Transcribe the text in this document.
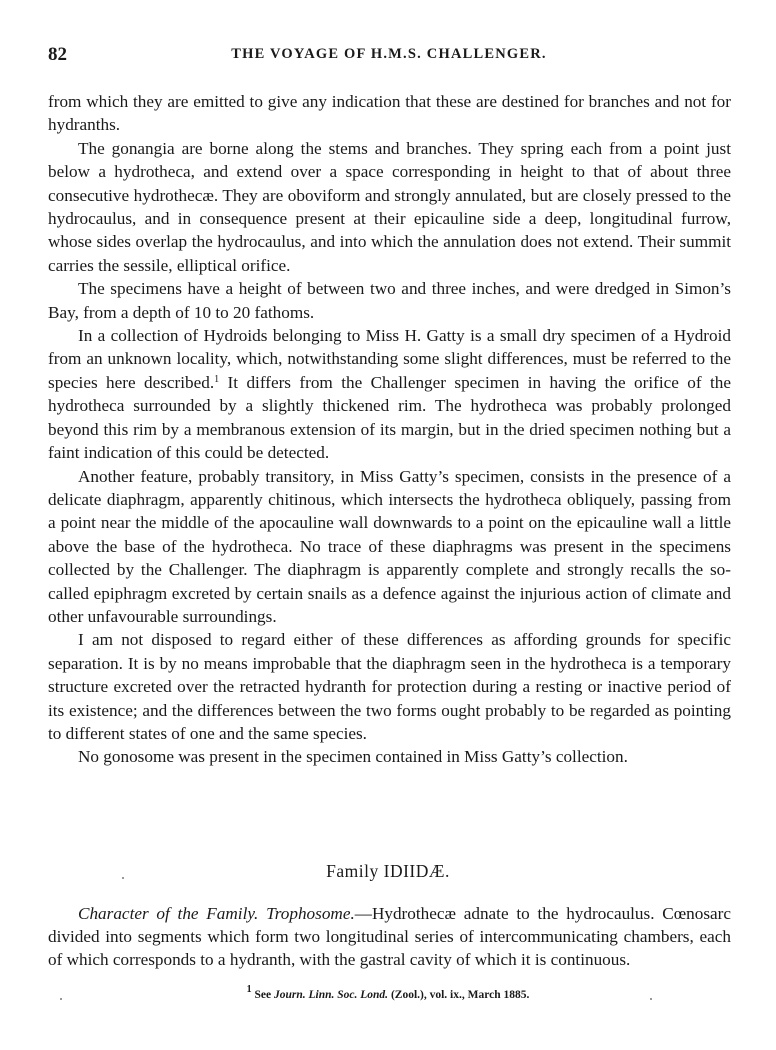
82	THE VOYAGE OF H.M.S. CHALLENGER.

from which they are emitted to give any indication that these are destined for branches and not for hydranths.

The gonangia are borne along the stems and branches. They spring each from a point just below a hydrotheca, and extend over a space corresponding in height to that of about three consecutive hydrothecæ. They are oboviform and strongly annulated, but are closely pressed to the hydrocaulus, and in consequence present at their epicauline side a deep, longitudinal furrow, whose sides overlap the hydrocaulus, and into which the annulation does not extend. Their summit carries the sessile, elliptical orifice.

The specimens have a height of between two and three inches, and were dredged in Simon’s Bay, from a depth of 10 to 20 fathoms.

In a collection of Hydroids belonging to Miss H. Gatty is a small dry specimen of a Hydroid from an unknown locality, which, notwithstanding some slight differences, must be referred to the species here described.$^1$ It differs from the Challenger specimen in having the orifice of the hydrotheca surrounded by a slightly thickened rim. The hydrotheca was probably prolonged beyond this rim by a membranous extension of its margin, but in the dried specimen nothing but a faint indication of this could be detected.

Another feature, probably transitory, in Miss Gatty’s specimen, consists in the presence of a delicate diaphragm, apparently chitinous, which intersects the hydrotheca obliquely, passing from a point near the middle of the apocauline wall downwards to a point on the epicauline wall a little above the base of the hydrotheca. No trace of these diaphragms was present in the specimens collected by the Challenger. The diaphragm is apparently complete and strongly recalls the so-called epiphragm excreted by certain snails as a defence against the injurious action of climate and other unfavourable surroundings.

I am not disposed to regard either of these differences as affording grounds for specific separation. It is by no means improbable that the diaphragm seen in the hydrotheca is a temporary structure excreted over the retracted hydranth for protection during a resting or inactive period of its existence; and the differences between the two forms ought probably to be regarded as pointing to different states of one and the same species.

No gonosome was present in the specimen contained in Miss Gatty’s collection.

Family IDIIDÆ.

Character of the Family. Trophosome.—Hydrothecæ adnate to the hydrocaulus. Cœnosarc divided into segments which form two longitudinal series of intercommunicating chambers, each of which corresponds to a hydranth, with the gastral cavity of which it is continuous.

$^1$ See Journ. Linn. Soc. Lond. (Zool.), vol. ix., March 1885.
